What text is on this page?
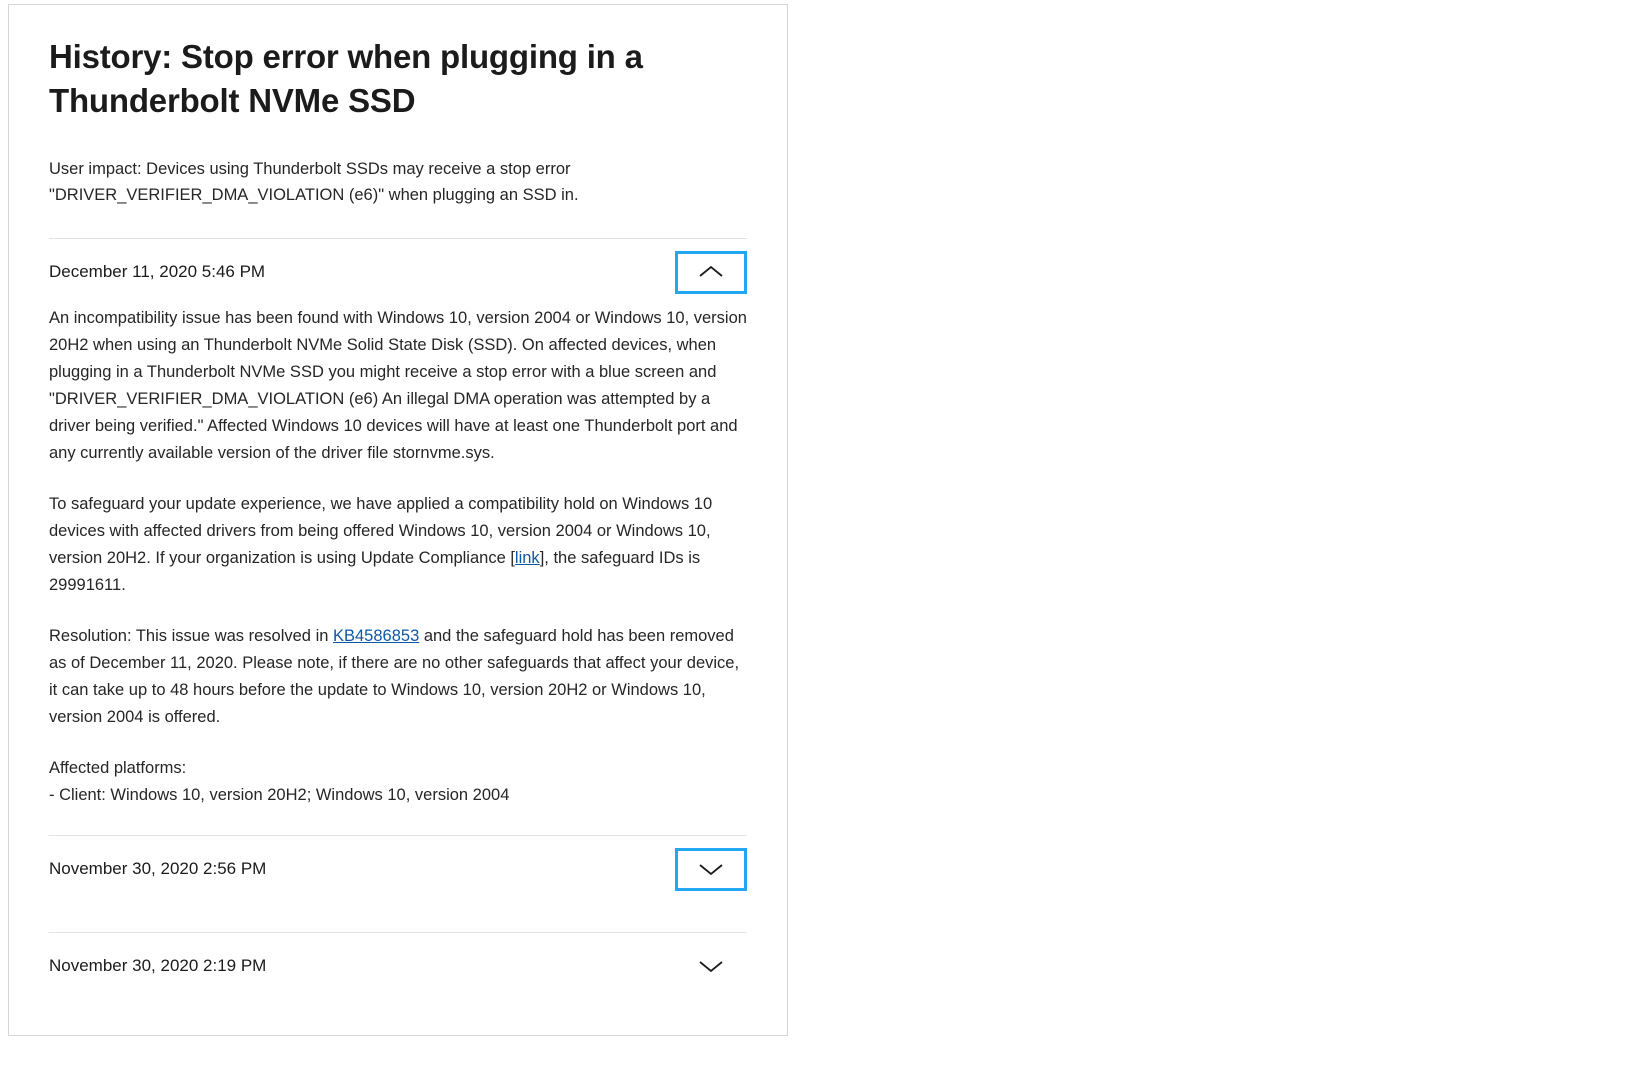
History: Stop error when plugging in a Thunderbolt NVMe SSD
User impact: Devices using Thunderbolt SSDs may receive a stop error "DRIVER_VERIFIER_DMA_VIOLATION (e6)" when plugging an SSD in.
December 11, 2020 5:46 PM

An incompatibility issue has been found with Windows 10, version 2004 or Windows 10, version 20H2 when using an Thunderbolt NVMe Solid State Disk (SSD). On affected devices, when plugging in a Thunderbolt NVMe SSD you might receive a stop error with a blue screen and "DRIVER_VERIFIER_DMA_VIOLATION (e6) An illegal DMA operation was attempted by a driver being verified." Affected Windows 10 devices will have at least one Thunderbolt port and any currently available version of the driver file stornvme.sys.

To safeguard your update experience, we have applied a compatibility hold on Windows 10 devices with affected drivers from being offered Windows 10, version 2004 or Windows 10, version 20H2. If your organization is using Update Compliance [link], the safeguard IDs is 29991611.

Resolution: This issue was resolved in KB4586853 and the safeguard hold has been removed as of December 11, 2020. Please note, if there are no other safeguards that affect your device, it can take up to 48 hours before the update to Windows 10, version 20H2 or Windows 10, version 2004 is offered.

Affected platforms:
- Client: Windows 10, version 20H2; Windows 10, version 2004
November 30, 2020 2:56 PM
November 30, 2020 2:19 PM
